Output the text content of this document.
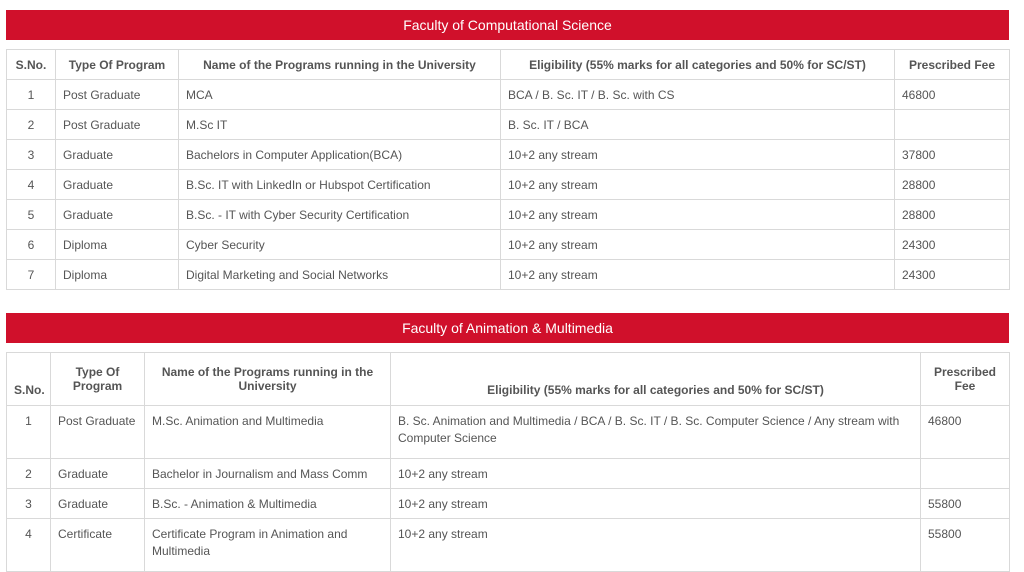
Faculty of Computational Science
S.No.	Type Of Program	Name of the Programs running in the University	Eligibility (55% marks for all categories and 50% for SC/ST)	Prescribed Fee
1	Post Graduate	MCA	BCA / B. Sc. IT / B. Sc. with CS	46800
2	Post Graduate	M.Sc IT	B. Sc. IT / BCA	
3	Graduate	Bachelors in Computer Application(BCA)	10+2 any stream	37800
4	Graduate	B.Sc. IT with LinkedIn or Hubspot Certification	10+2 any stream	28800
5	Graduate	B.Sc. - IT with Cyber Security Certification	10+2 any stream	28800
6	Diploma	Cyber Security	10+2 any stream	24300
7	Diploma	Digital Marketing and Social Networks	10+2 any stream	24300
Faculty of Animation & Multimedia
S.No.	Type Of Program	Name of the Programs running in the University	Eligibility (55% marks for all categories and 50% for SC/ST)	Prescribed Fee
1	Post Graduate	M.Sc. Animation and Multimedia	B. Sc. Animation and Multimedia / BCA / B. Sc. IT / B. Sc. Computer Science / Any stream with Computer Science	46800
2	Graduate	Bachelor in Journalism and Mass Comm	10+2 any stream	
3	Graduate	B.Sc. - Animation & Multimedia	10+2 any stream	55800
4	Certificate	Certificate Program in Animation and Multimedia	10+2 any stream	55800
